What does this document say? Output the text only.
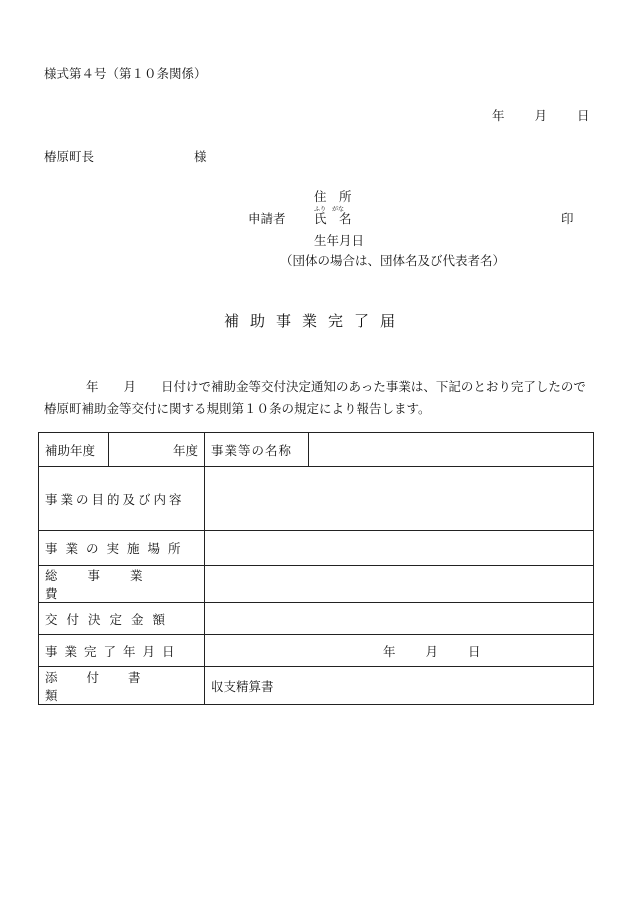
様式第４号（第１０条関係）
年 月 日
椿原町長	様
住　所
申請者
ふり　がな
氏　名	印
生年月日
（団体の場合は、団体名及び代表者名）
補助事業完了届
年　　月　　日付けで補助金等交付決定通知のあった事業は、下記のとおり完了したので椿原町補助金等交付に関する規則第１０条の規定により報告します。
補助年度	年度	事業等の名称	
事業の目的及び内容			
事業の実施場所			
総事業費			
交付決定金額			
事業完了年月日		年 月 日	
添付書類		収支精算書	
